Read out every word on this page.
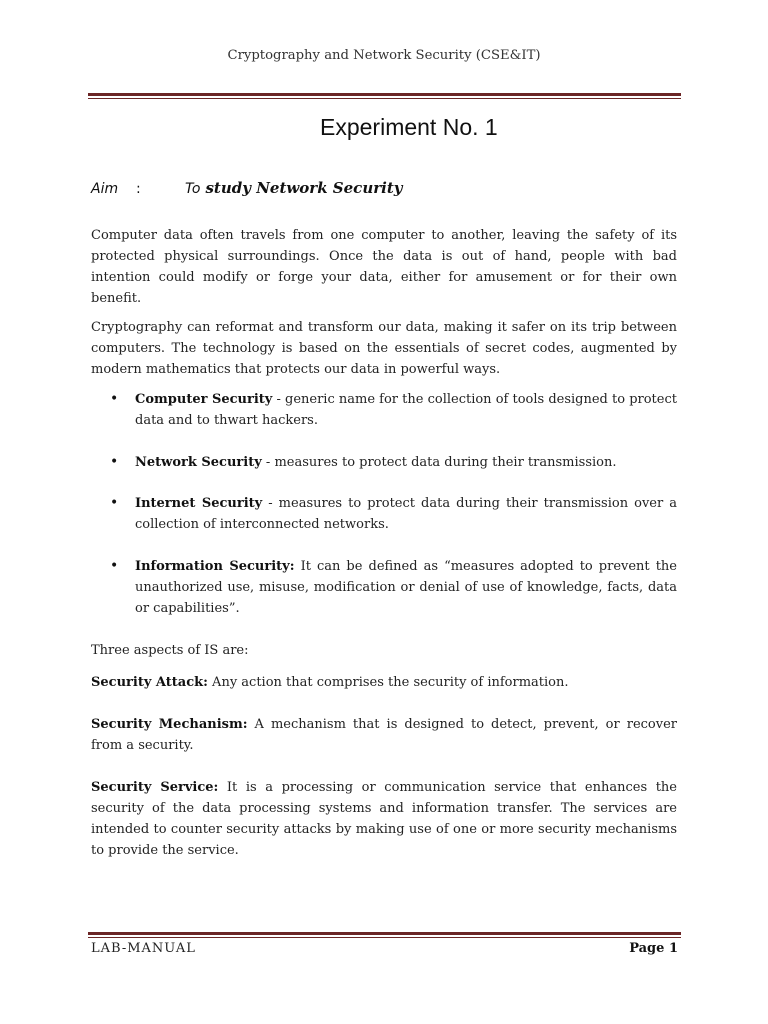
Cryptography and Network Security (CSE&IT)
Experiment No. 1
Aim :	To study Network Security

Computer data often travels from one computer to another, leaving the safety of its protected physical surroundings. Once the data is out of hand, people with bad intention could modify or forge your data, either for amusement or for their own benefit.

Cryptography can reformat and transform our data, making it safer on its trip between computers. The technology is based on the essentials of secret codes, augmented by modern mathematics that protects our data in powerful ways.

• Computer Security - generic name for the collection of tools designed to protect data and to thwart hackers.

• Network Security - measures to protect data during their transmission.

• Internet Security - measures to protect data during their transmission over a collection of interconnected networks.

• Information Security: It can be defined as “measures adopted to prevent the unauthorized use, misuse, modification or denial of use of knowledge, facts, data or capabilities”.

Three aspects of IS are:

Security Attack: Any action that comprises the security of information.

Security Mechanism: A mechanism that is designed to detect, prevent, or recover from a security.

Security Service: It is a processing or communication service that enhances the security of the data processing systems and information transfer. The services are intended to counter security attacks by making use of one or more security mechanisms to provide the service.

LAB-MANUAL	Page 1
